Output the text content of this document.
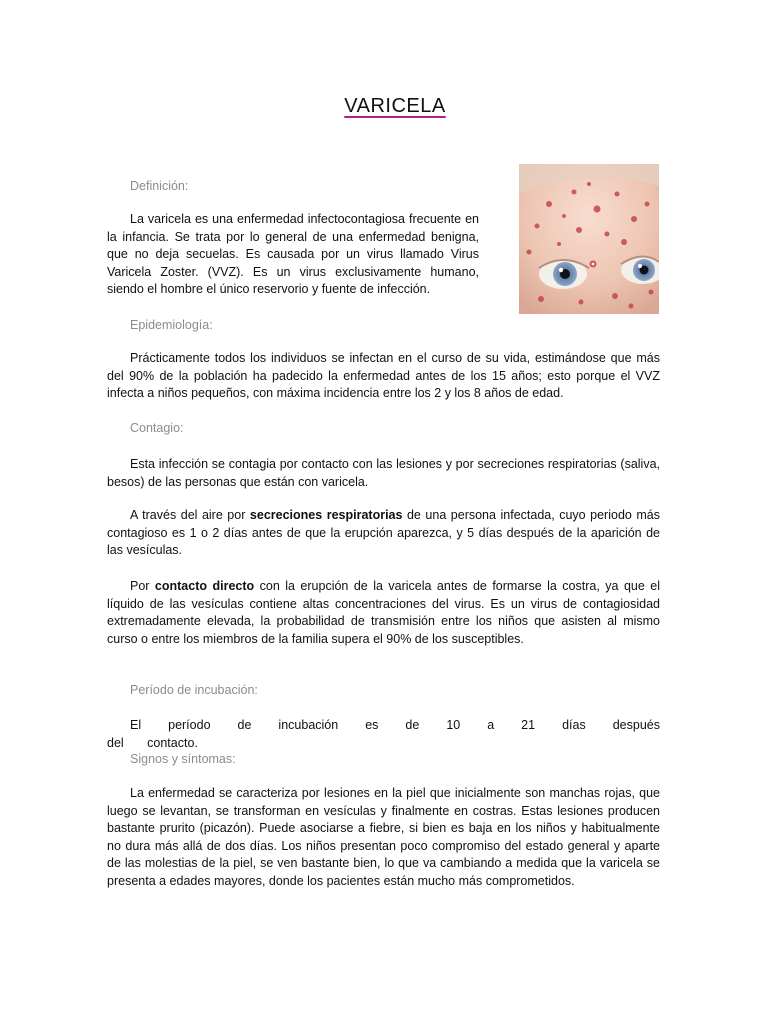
VARICELA
Definición:

La varicela es una enfermedad infectocontagiosa frecuente en la infancia. Se trata por lo general de una enfermedad benigna, que no deja secuelas. Es causada por un virus llamado Virus Varicela Zoster. (VVZ). Es un virus exclusivamente humano, siendo el hombre el único reservorio y fuente de infección.

Epidemiología:

Prácticamente todos los individuos se infectan en el curso de su vida, estimándose que más del 90% de la población ha padecido la enfermedad antes de los 15 años; esto porque el VVZ infecta a niños pequeños, con máxima incidencia entre los 2 y los 8 años de edad.

Contagio:

Esta infección se contagia por contacto con las lesiones y por secreciones respiratorias (saliva, besos) de las personas que están con varicela.

A través del aire por secreciones respiratorias de una persona infectada, cuyo periodo más contagioso es 1 o 2 días antes de que la erupción aparezca, y 5 días después de la aparición de las vesículas.

Por contacto directo con la erupción de la varicela antes de formarse la costra, ya que el líquido de las vesículas contiene altas concentraciones del virus. Es un virus de contagiosidad extremadamente elevada, la probabilidad de transmisión entre los niños que asisten al mismo curso o entre los miembros de la familia supera el 90% de los susceptibles.

Período de incubación:

El período de incubación es de 10 a 21 días después del contacto.

Signos y síntomas:

La enfermedad se caracteriza por lesiones en la piel que inicialmente son manchas rojas, que luego se levantan, se transforman en vesículas y finalmente en costras. Estas lesiones producen bastante prurito (picazón). Puede asociarse a fiebre, si bien es baja en los niños y habitualmente no dura más allá de dos días. Los niños presentan poco compromiso del estado general y aparte de las molestias de la piel, se ven bastante bien, lo que va cambiando a medida que la varicela se presenta a edades mayores, donde los pacientes están mucho más comprometidos.
